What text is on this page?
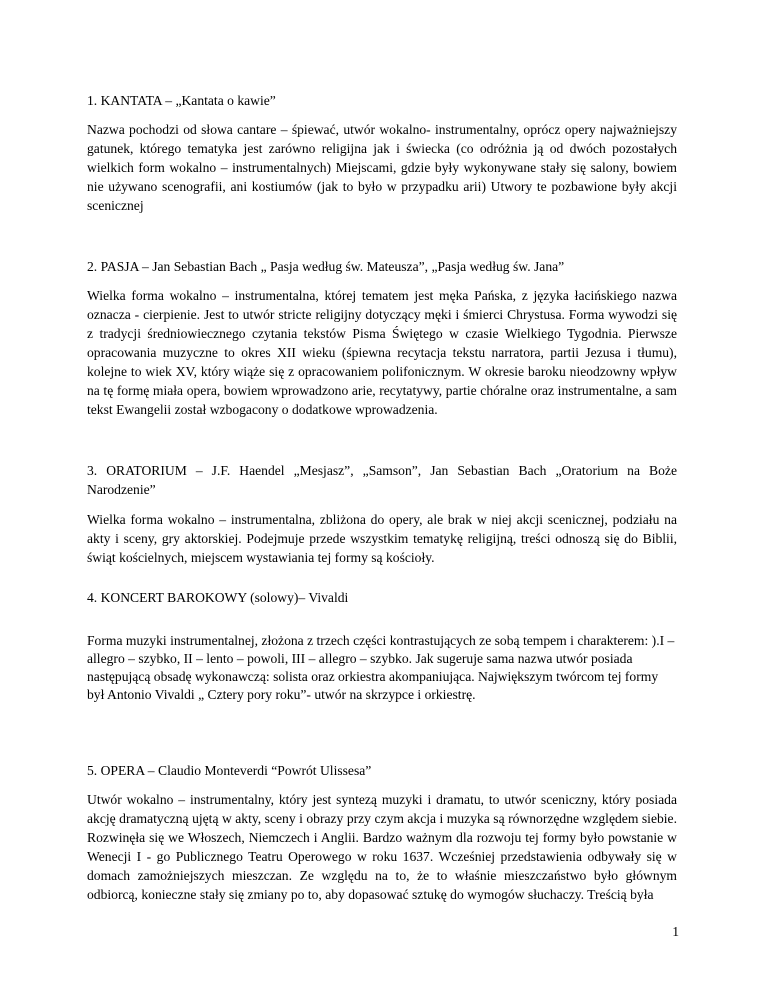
1. KANTATA – „Kantata o kawie”

Nazwa pochodzi od słowa cantare – śpiewać, utwór wokalno- instrumentalny, oprócz opery najważniejszy gatunek, którego tematyka jest zarówno religijna jak i świecka (co odróżnia ją od dwóch pozostałych wielkich form wokalno – instrumentalnych) Miejscami, gdzie były wykonywane stały się salony, bowiem nie używano scenografii, ani kostiumów (jak to było w przypadku arii) Utwory te pozbawione były akcji scenicznej

2. PASJA – Jan Sebastian Bach „ Pasja według św. Mateusza”, „Pasja według św. Jana”

Wielka forma wokalno – instrumentalna, której tematem jest męka Pańska, z języka łacińskiego nazwa oznacza - cierpienie. Jest to utwór stricte religijny dotyczący męki i śmierci Chrystusa. Forma wywodzi się z tradycji średniowiecznego czytania tekstów Pisma Świętego w czasie Wielkiego Tygodnia. Pierwsze opracowania muzyczne to okres XII wieku (śpiewna recytacja tekstu narratora, partii Jezusa i tłumu), kolejne to wiek XV, który wiąże się z opracowaniem polifonicznym. W okresie baroku nieodzowny wpływ na tę formę miała opera, bowiem wprowadzono arie, recytatywy, partie chóralne oraz instrumentalne, a sam tekst Ewangelii został wzbogacony o dodatkowe wprowadzenia.

3. ORATORIUM – J.F. Haendel „Mesjasz”, „Samson”, Jan Sebastian Bach „Oratorium na Boże Narodzenie”

Wielka forma wokalno – instrumentalna, zbliżona do opery, ale brak w niej akcji scenicznej, podziału na akty i sceny, gry aktorskiej. Podejmuje przede wszystkim tematykę religijną, treści odnoszą się do Biblii, świąt kościelnych, miejscem wystawiania tej formy są kościoły.

4. KONCERT BAROKOWY (solowy)– Vivaldi

Forma muzyki instrumentalnej, złożona z trzech części kontrastujących ze sobą tempem i charakterem: ).I – allegro – szybko, II – lento – powoli, III – allegro – szybko. Jak sugeruje sama nazwa utwór posiada następującą obsadę wykonawczą: solista oraz orkiestra akompaniująca. Największym twórcom tej formy był Antonio Vivaldi „ Cztery pory roku”- utwór na skrzypce i orkiestrę.

5. OPERA – Claudio Monteverdi “Powrót Ulissesa”

Utwór wokalno – instrumentalny, który jest syntezą muzyki i dramatu, to utwór sceniczny, który posiada akcję dramatyczną ujętą w akty, sceny i obrazy przy czym akcja i muzyka są równorzędne względem siebie. Rozwinęła się we Włoszech, Niemczech i Anglii. Bardzo ważnym dla rozwoju tej formy było powstanie w Wenecji I - go Publicznego Teatru Operowego w roku 1637. Wcześniej przedstawienia odbywały się w domach zamożniejszych mieszczan. Ze względu na to, że to właśnie mieszczaństwo było głównym odbiorcą, konieczne stały się zmiany po to, aby dopasować sztukę do wymogów słuchaczy. Treścią była

1
